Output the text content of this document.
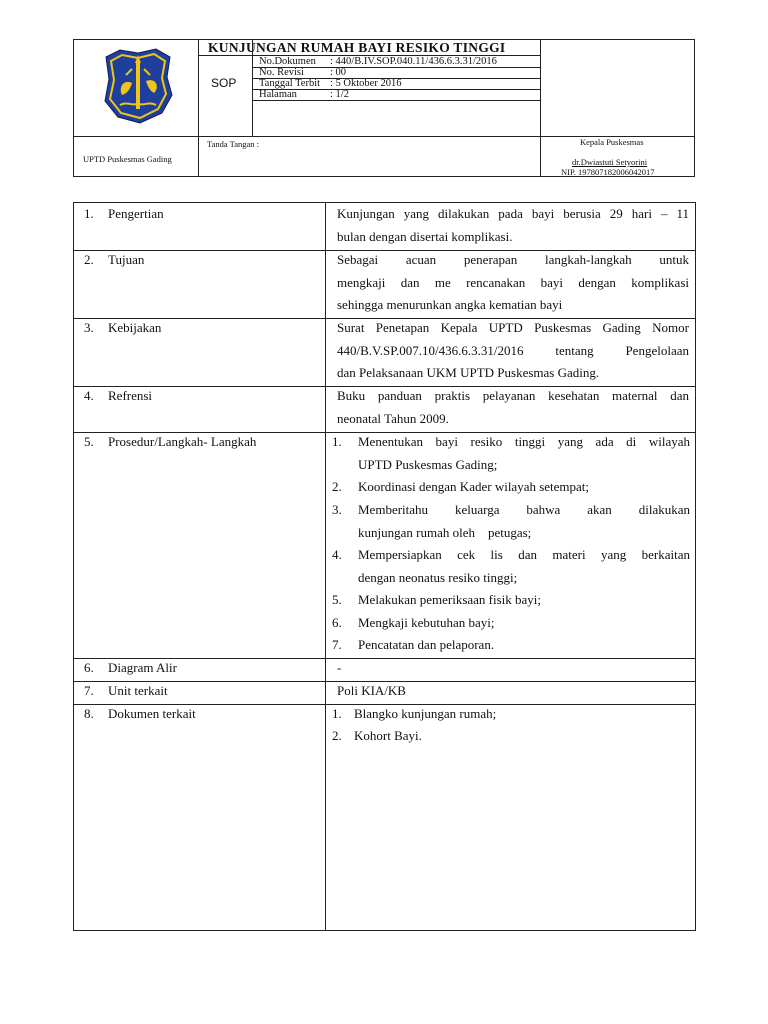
KUNJUNGAN RUMAH BAYI RESIKO TINGGI
SOP
No.Dokumen : 440/B.IV.SOP.040.11/436.6.3.31/2016
No. Revisi : 00
Tanggal Terbit : 5 Oktober 2016
Halaman	: 1/2
UPTD Puskesmas Gading
Tanda Tangan :	Kepala Puskesmas
dr.Dwiastuti Setyorini
NIP. 197807182006042017
1. Pengertian	Kunjungan yang dilakukan pada bayi berusia 29 hari – 11
bulan dengan disertai komplikasi.
2. Tujuan	Sebagai acuan penerapan langkah-langkah untuk
mengkaji dan me rencanakan bayi dengan komplikasi
sehingga menurunkan angka kematian bayi
3. Kebijakan	Surat Penetapan Kepala UPTD Puskesmas Gading Nomor
440/B.V.SP.007.10/436.6.3.31/2016 tentang Pengelolaan
dan Pelaksanaan UKM UPTD Puskesmas Gading.
4. Refrensi	Buku panduan praktis pelayanan kesehatan maternal dan
neonatal Tahun 2009.
5. Prosedur/Langkah- Langkah	1. Menentukan bayi resiko tinggi yang ada di wilayah
UPTD Puskesmas Gading;
2. Koordinasi dengan Kader wilayah setempat;
3. Memberitahu keluarga bahwa akan dilakukan
kunjungan rumah oleh    petugas;
4. Mempersiapkan cek lis dan materi yang berkaitan
dengan neonatus resiko tinggi;
5. Melakukan pemeriksaan fisik bayi;
6. Mengkaji kebutuhan bayi;
7. Pencatatan dan pelaporan.
6. Diagram Alir	-
7. Unit terkait	Poli KIA/KB
8. Dokumen terkait	1. Blangko kunjungan rumah;
2. Kohort Bayi.
